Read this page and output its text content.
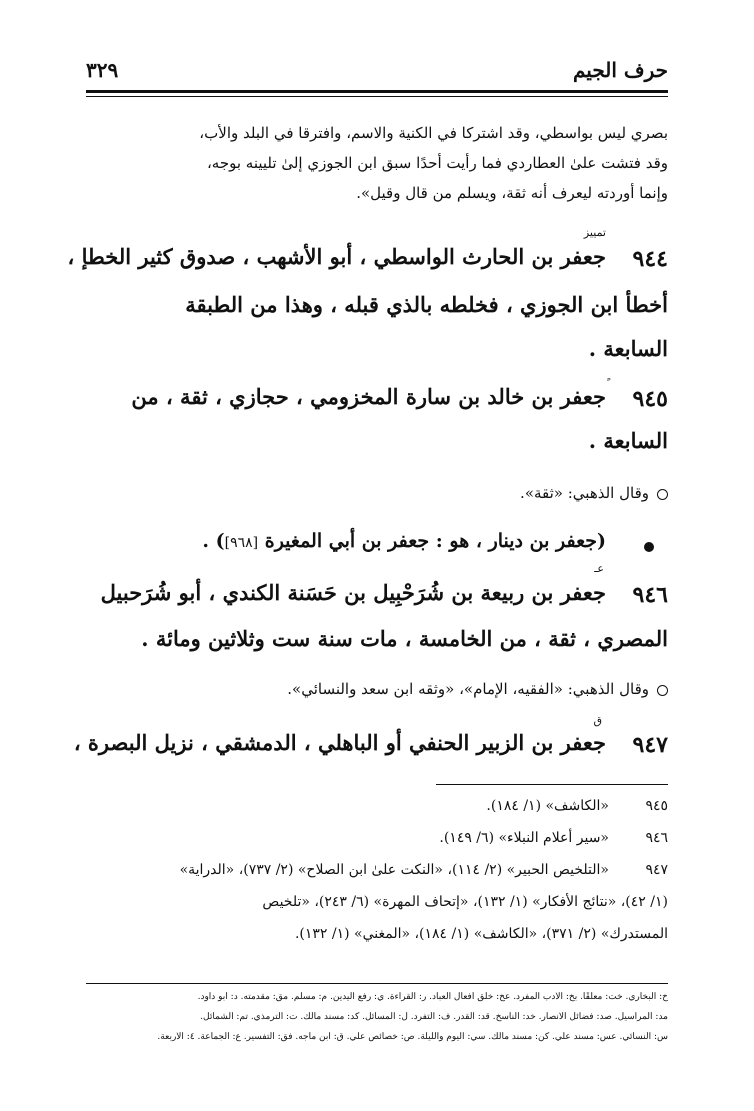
حرف الجيم
٣٢٩

بصري ليس بواسطي، وقد اشتركا في الكنية والاسم، وافترقا في البلد والأب،

وقد فتشت علىٰ العطاردي فما رأيت أحدًا سبق ابن الجوزي إلىٰ تليينه بوجه،

وإنما أوردته ليعرف أنه ثقة، ويسلم من قال وقيل».

تمييز
٩٤٤
جعفر بن الحارث الواسطي ، أبو الأشهب ، صدوق كثير الخطإ ،
أخطأ ابن الجوزي ، فخلطه بالذي قبله ، وهذا من الطبقة
السابعة .
٩٤٥
جعفر بن خالد بن سارة المخزومي ، حجازي ، ثقة ، من
السابعة .
وقال الذهبي: «ثقة».
(جعفر بن دينار ، هو : جعفر بن أبي المغيرة [٩٦٨]) .
عـ
٩٤٦
جعفر بن ربيعة بن شُرَحْبِيل بن حَسَنة الكندي ، أبو شُرَحبيل
المصري ، ثقة ، من الخامسة ، مات سنة ست وثلاثين ومائة .
وقال الذهبي: «الفقيه، الإمام»، «وثقه ابن سعد والنسائي».
ق
٩٤٧
جعفر بن الزبير الحنفي أو الباهلي ، الدمشقي ، نزيل البصرة ،
٩٤٥
«الكاشف» (١/ ١٨٤).
٩٤٦
«سير أعلام النبلاء» (٦/ ١٤٩).
٩٤٧
«التلخيص الحبير» (٢/ ١١٤)، «النكت علىٰ ابن الصلاح» (٢/ ٧٣٧)، «الدراية»
(١/ ٤٢)، «نتائج الأفكار» (١/ ١٣٢)، «إتحاف المهرة» (٦/ ٢٤٣)، «تلخيص
المستدرك» (٢/ ٣٧١)، «الكاشف» (١/ ١٨٤)، «المغني» (١/ ١٣٢).
خ: البخاري. خت: معلقًا. بخ: الأدب المفرد. عخ: خلق أفعال العباد. ر: القراءة. ي: رفع اليدين. م: مسلم. مق: مقدمته. د: أبو داود.
مد: المراسيل. صد: فضائل الأنصار. خد: الناسخ. قد: القدر. ف: التفرد. ل: المسائل. كد: مسند مالك. ت: الترمذي. تم: الشمائل.
س: النسائي. عس: مسند علي. كن: مسند مالك. سي: اليوم والليلة. ص: خصائص علي. ق: ابن ماجه. فق: التفسير. ع: الجماعة. ٤: الأربعة.
